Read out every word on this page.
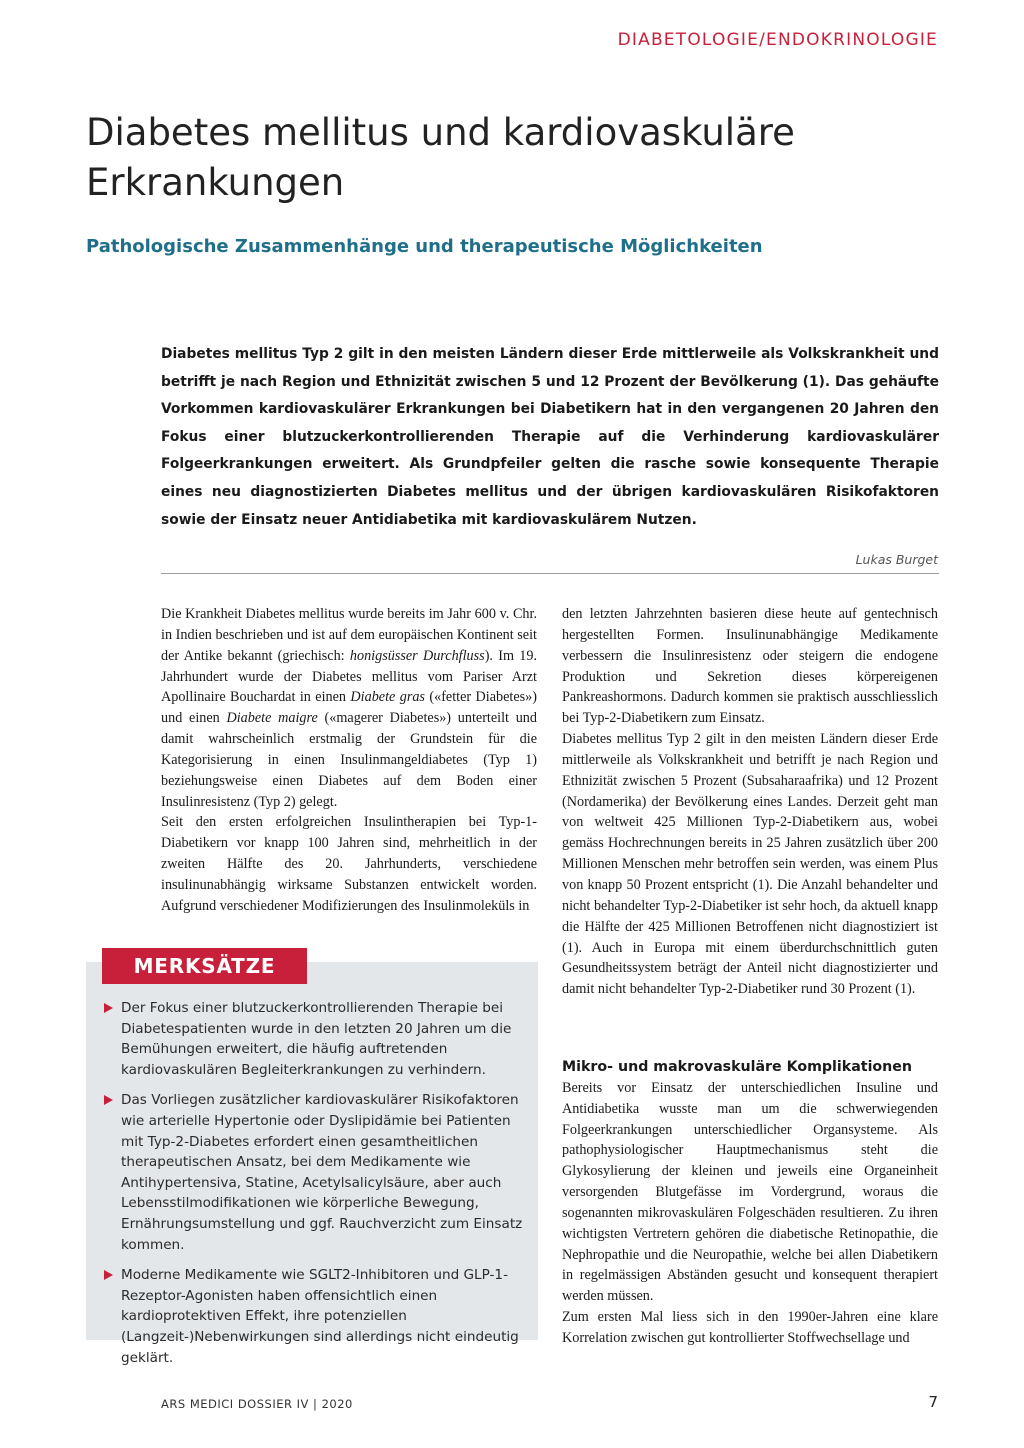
DIABETOLOGIE/ENDOKRINOLOGIE
Diabetes mellitus und kardiovaskuläre Erkrankungen
Pathologische Zusammenhänge und therapeutische Möglichkeiten

Diabetes mellitus Typ 2 gilt in den meisten Ländern dieser Erde mittlerweile als Volkskrankheit und betrifft je nach Region und Ethnizität zwischen 5 und 12 Prozent der Bevölkerung (1). Das gehäufte Vorkommen kardiovaskulärer Erkrankungen bei Diabetikern hat in den vergangenen 20 Jahren den Fokus einer blutzuckerkontrollierenden Therapie auf die Verhinderung kardiovaskulärer Folgeerkrankungen erweitert. Als Grundpfeiler gelten die rasche sowie konsequente Therapie eines neu diagnostizierten Diabetes mellitus und der übrigen kardiovaskulären Risikofaktoren sowie der Einsatz neuer Antidiabetika mit kardiovaskulärem Nutzen.

Lukas Burget

Die Krankheit Diabetes mellitus wurde bereits im Jahr 600 v. Chr. in Indien beschrieben und ist auf dem europäischen Kontinent seit der Antike bekannt (griechisch: honigsüsser Durchfluss). Im 19. Jahrhundert wurde der Diabetes mellitus vom Pariser Arzt Apollinaire Bouchardat in einen Diabete gras («fetter Diabetes») und einen Diabete maigre («magerer Diabetes») unterteilt und damit wahrscheinlich erstmalig der Grundstein für die Kategorisierung in einen Insulinmangeldiabetes (Typ 1) beziehungsweise einen Diabetes auf dem Boden einer Insulinresistenz (Typ 2) gelegt.

Seit den ersten erfolgreichen Insulintherapien bei Typ-1-Diabetikern vor knapp 100 Jahren sind, mehrheitlich in der zweiten Hälfte des 20. Jahrhunderts, verschiedene insulinunabhängig wirksame Substanzen entwickelt worden. Aufgrund verschiedener Modifizierungen des Insulinmoleküls in

den letzten Jahrzehnten basieren diese heute auf gentechnisch hergestellten Formen. Insulinunabhängige Medikamente verbessern die Insulinresistenz oder steigern die endogene Produktion und Sekretion dieses körpereigenen Pankreashormons. Dadurch kommen sie praktisch ausschliesslich bei Typ-2-Diabetikern zum Einsatz.

Diabetes mellitus Typ 2 gilt in den meisten Ländern dieser Erde mittlerweile als Volkskrankheit und betrifft je nach Region und Ethnizität zwischen 5 Prozent (Subsaharaafrika) und 12 Prozent (Nordamerika) der Bevölkerung eines Landes. Derzeit geht man von weltweit 425 Millionen Typ-2-Diabetikern aus, wobei gemäss Hochrechnungen bereits in 25 Jahren zusätzlich über 200 Millionen Menschen mehr betroffen sein werden, was einem Plus von knapp 50 Prozent entspricht (1). Die Anzahl behandelter und nicht behandelter Typ-2-Diabetiker ist sehr hoch, da aktuell knapp die Hälfte der 425 Millionen Betroffenen nicht diagnostiziert ist (1). Auch in Europa mit einem überdurchschnittlich guten Gesundheitssystem beträgt der Anteil nicht diagnostizierter und damit nicht behandelter Typ-2-Diabetiker rund 30 Prozent (1).

Mikro- und makrovaskuläre Komplikationen

Bereits vor Einsatz der unterschiedlichen Insuline und Antidiabetika wusste man um die schwerwiegenden Folgeerkrankungen unterschiedlicher Organsysteme. Als pathophysiologischer Hauptmechanismus steht die Glykosylierung der kleinen und jeweils eine Organeinheit versorgenden Blutgefässe im Vordergrund, woraus die sogenannten mikrovaskulären Folgeschäden resultieren. Zu ihren wichtigsten Vertretern gehören die diabetische Retinopathie, die Nephropathie und die Neuropathie, welche bei allen Diabetikern in regelmässigen Abständen gesucht und konsequent therapiert werden müssen.

Zum ersten Mal liess sich in den 1990er-Jahren eine klare Korrelation zwischen gut kontrollierter Stoffwechsellage und

MERKSÄTZE
Der Fokus einer blutzuckerkontrollierenden Therapie bei Diabetespatienten wurde in den letzten 20 Jahren um die Bemühungen erweitert, die häufig auftretenden kardiovaskulären Begleiterkrankungen zu verhindern.
Das Vorliegen zusätzlicher kardiovaskulärer Risikofaktoren wie arterielle Hypertonie oder Dyslipidämie bei Patienten mit Typ-2-Diabetes erfordert einen gesamtheitlichen therapeutischen Ansatz, bei dem Medikamente wie Antihypertensiva, Statine, Acetylsalicylsäure, aber auch Lebensstilmodifikationen wie körperliche Bewegung, Ernährungsumstellung und ggf. Rauchverzicht zum Einsatz kommen.
Moderne Medikamente wie SGLT2-Inhibitoren und GLP-1-Rezeptor-Agonisten haben offensichtlich einen kardioprotektiven Effekt, ihre potenziellen (Langzeit-)Nebenwirkungen sind allerdings nicht eindeutig geklärt.
ARS MEDICI DOSSIER IV | 2020	7
